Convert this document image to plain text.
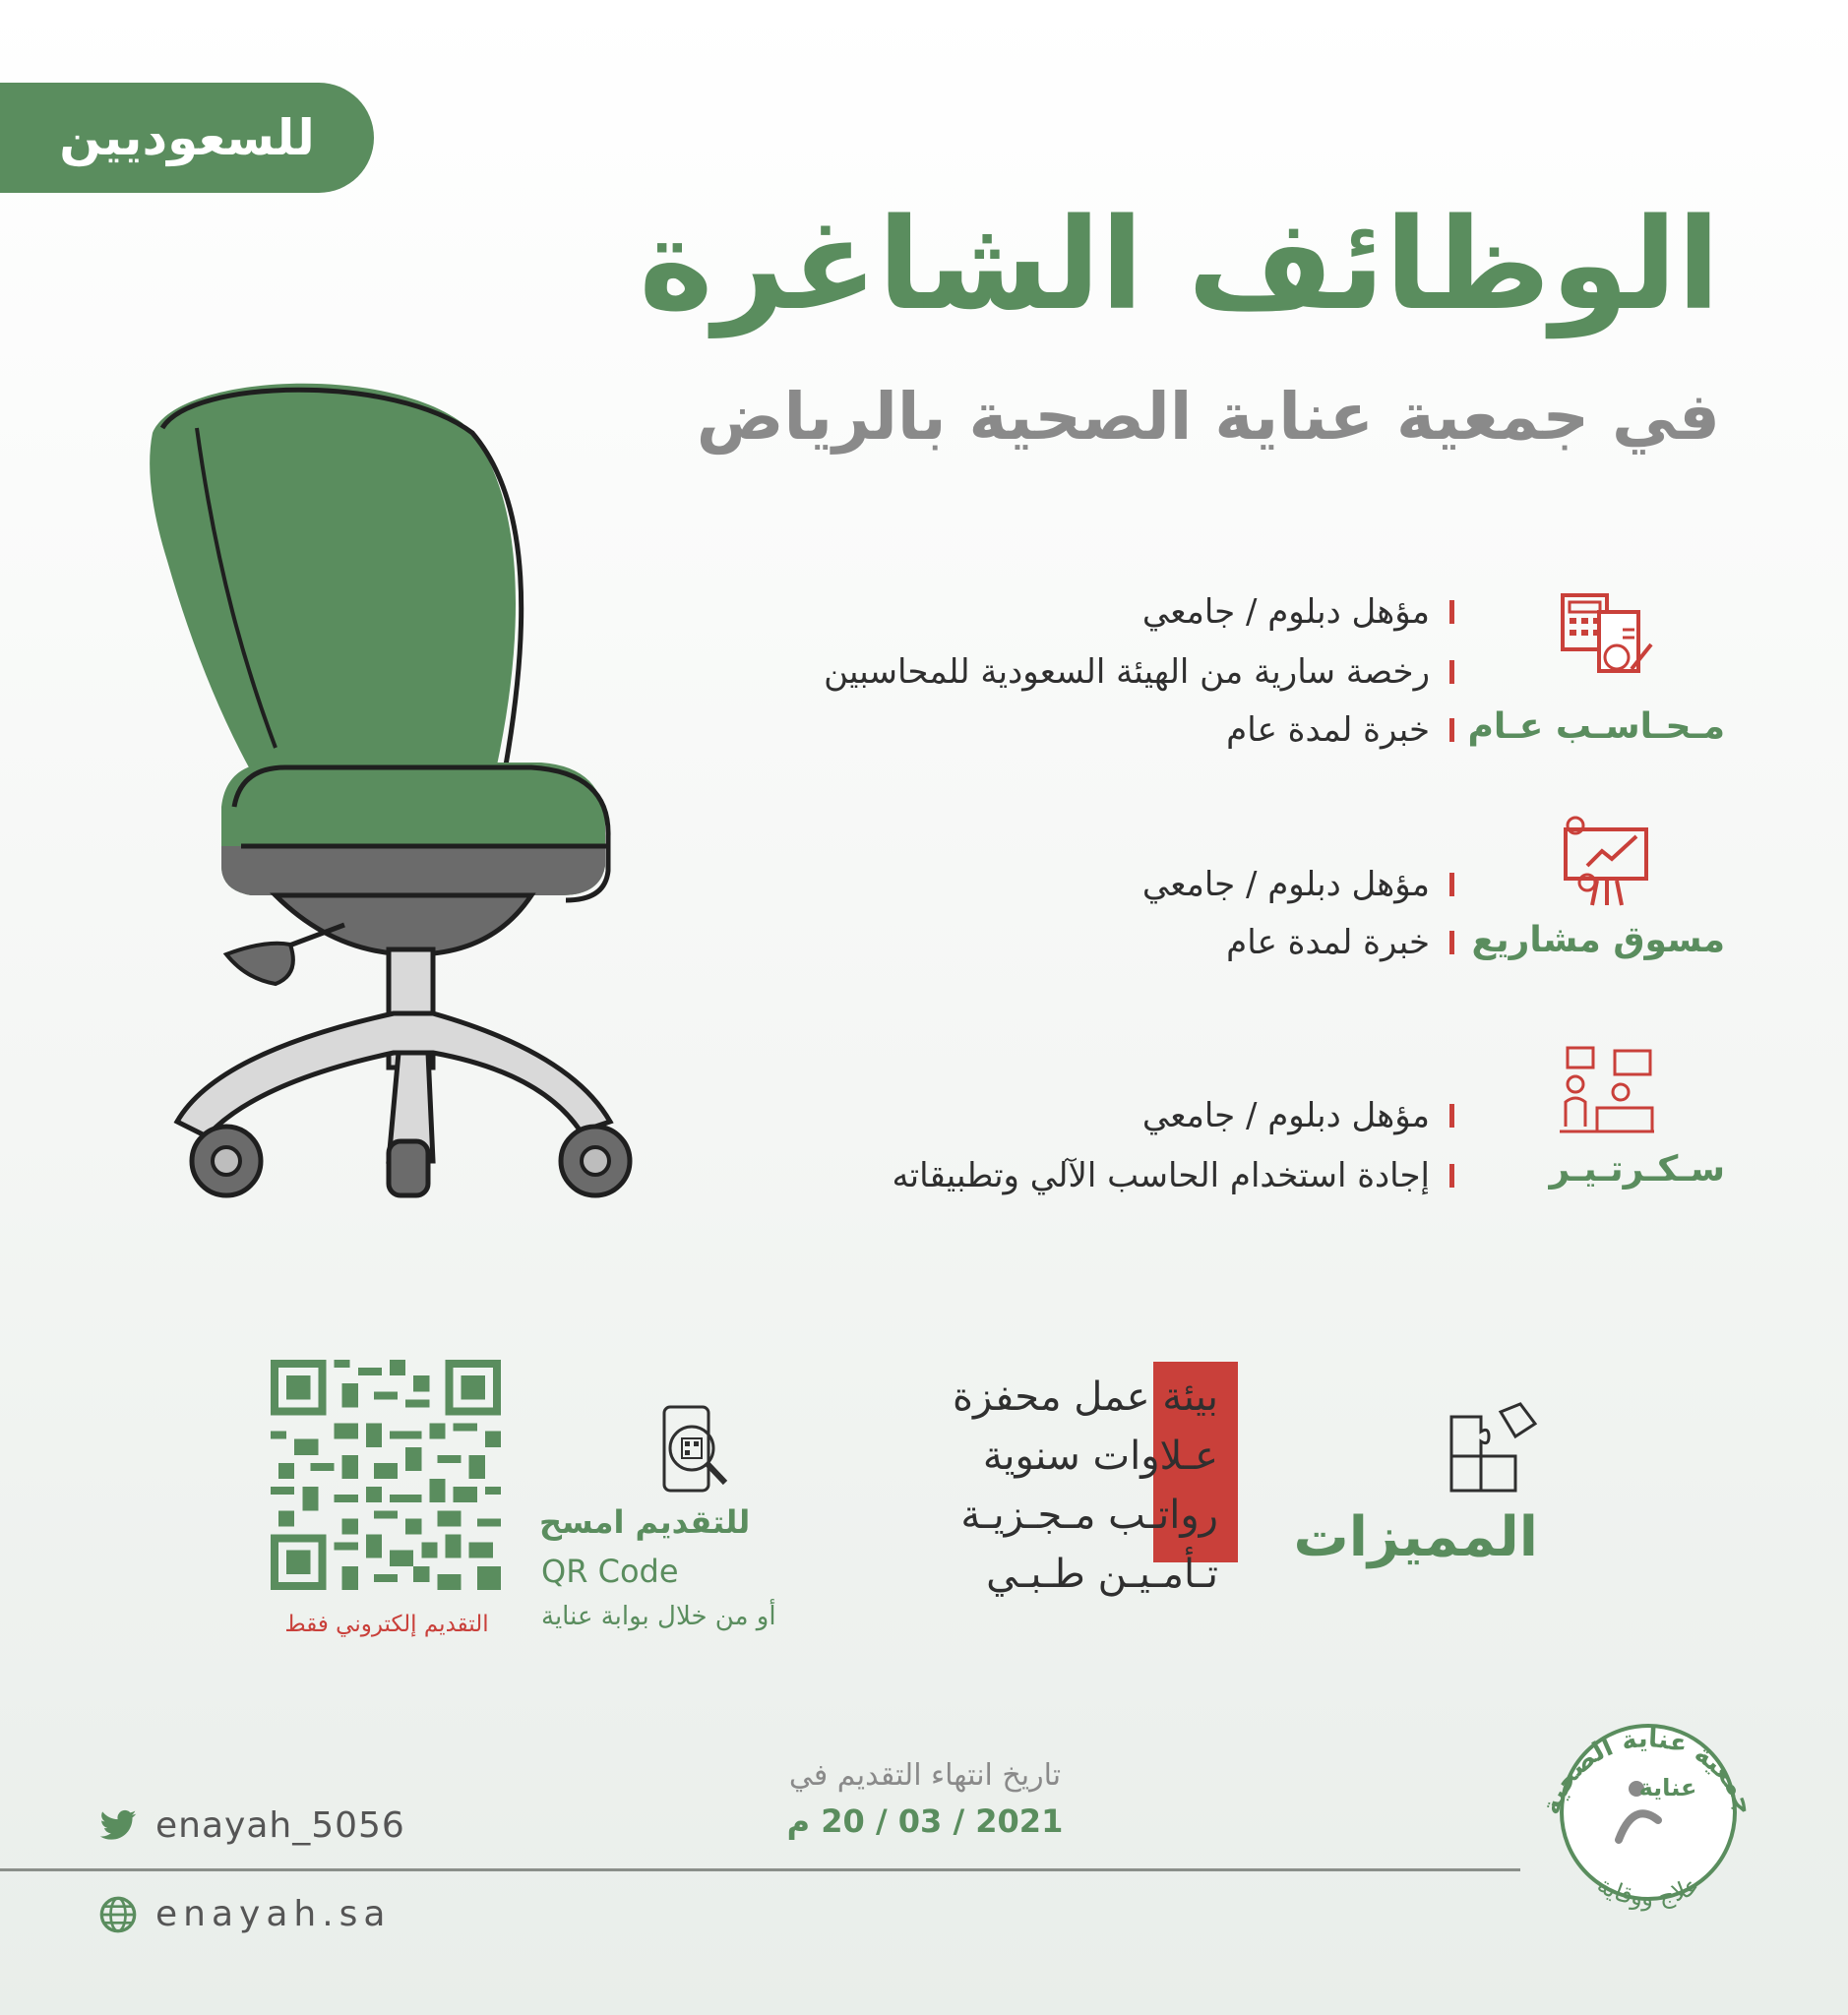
للسعوديين
الوظائف الشاغرة
في جمعية عناية الصحية بالرياض
مـحـاسـب عـام
مؤهل دبلوم / جامعي
رخصة سارية من الهيئة السعودية للمحاسبين
خبرة لمدة عام
مسوق مشاريع
مؤهل دبلوم / جامعي
خبرة لمدة عام
سـكـرتـيـر
مؤهل دبلوم / جامعي
إجادة استخدام الحاسب الآلي وتطبيقاته
المميزات
بيئة عمل محفزة
عـلاوات سنوية
رواتـب مـجـزيـة
تـأمـيـن طـبـي
التقديم إلكتروني فقط
للتقديم امسح
QR Code
أو من خلال بوابة عناية
تاريخ انتهاء التقديم في
2021 / 03 / 20 م
enayah_5056
enayah.sa
جمعية عناية الصحية
علاج ووقاية
عناية
